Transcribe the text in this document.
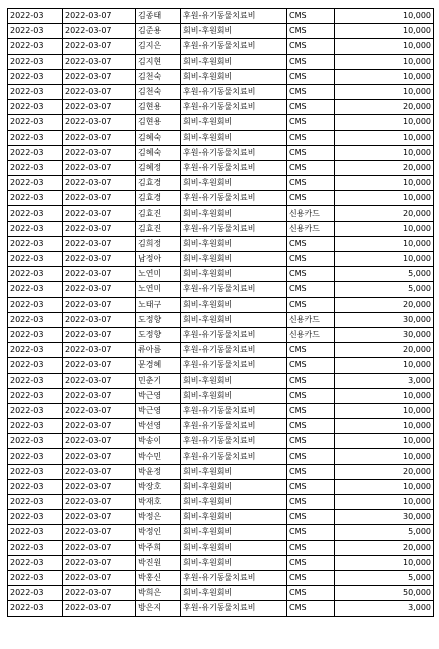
2022-03	2022-03-07	김종태	후원-유기동물치료비	CMS	10,000
2022-03	2022-03-07	김준용	회비-후원회비	CMS	10,000
2022-03	2022-03-07	김지은	후원-유기동물치료비	CMS	10,000
2022-03	2022-03-07	김지현	회비-후원회비	CMS	10,000
2022-03	2022-03-07	김천숙	회비-후원회비	CMS	10,000
2022-03	2022-03-07	김천숙	후원-유기동물치료비	CMS	10,000
2022-03	2022-03-07	김현용	후원-유기동물치료비	CMS	20,000
2022-03	2022-03-07	김현용	회비-후원회비	CMS	10,000
2022-03	2022-03-07	김혜숙	회비-후원회비	CMS	10,000
2022-03	2022-03-07	김혜숙	후원-유기동물치료비	CMS	10,000
2022-03	2022-03-07	김혜정	후원-유기동물치료비	CMS	20,000
2022-03	2022-03-07	김효경	회비-후원회비	CMS	10,000
2022-03	2022-03-07	김효경	후원-유기동물치료비	CMS	10,000
2022-03	2022-03-07	김효진	회비-후원회비	신용카드	20,000
2022-03	2022-03-07	김효진	후원-유기동물치료비	신용카드	10,000
2022-03	2022-03-07	김희정	회비-후원회비	CMS	10,000
2022-03	2022-03-07	남정아	회비-후원회비	CMS	10,000
2022-03	2022-03-07	노연미	회비-후원회비	CMS	5,000
2022-03	2022-03-07	노연미	후원-유기동물치료비	CMS	5,000
2022-03	2022-03-07	노태구	회비-후원회비	CMS	20,000
2022-03	2022-03-07	도정향	회비-후원회비	신용카드	30,000
2022-03	2022-03-07	도정향	후원-유기동물치료비	신용카드	30,000
2022-03	2022-03-07	류아름	후원-유기동물치료비	CMS	20,000
2022-03	2022-03-07	문경혜	후원-유기동물치료비	CMS	10,000
2022-03	2022-03-07	민춘기	회비-후원회비	CMS	3,000
2022-03	2022-03-07	박근영	회비-후원회비	CMS	10,000
2022-03	2022-03-07	박근영	후원-유기동물치료비	CMS	10,000
2022-03	2022-03-07	박선영	후원-유기동물치료비	CMS	10,000
2022-03	2022-03-07	박송이	후원-유기동물치료비	CMS	10,000
2022-03	2022-03-07	박수민	후원-유기동물치료비	CMS	10,000
2022-03	2022-03-07	박윤정	회비-후원회비	CMS	20,000
2022-03	2022-03-07	박장호	회비-후원회비	CMS	10,000
2022-03	2022-03-07	박재호	회비-후원회비	CMS	10,000
2022-03	2022-03-07	박정은	회비-후원회비	CMS	30,000
2022-03	2022-03-07	박정인	회비-후원회비	CMS	5,000
2022-03	2022-03-07	박주희	회비-후원회비	CMS	20,000
2022-03	2022-03-07	박진원	회비-후원회비	CMS	10,000
2022-03	2022-03-07	박홍신	후원-유기동물치료비	CMS	5,000
2022-03	2022-03-07	박희은	회비-후원회비	CMS	50,000
2022-03	2022-03-07	방은지	후원-유기동물치료비	CMS	3,000
